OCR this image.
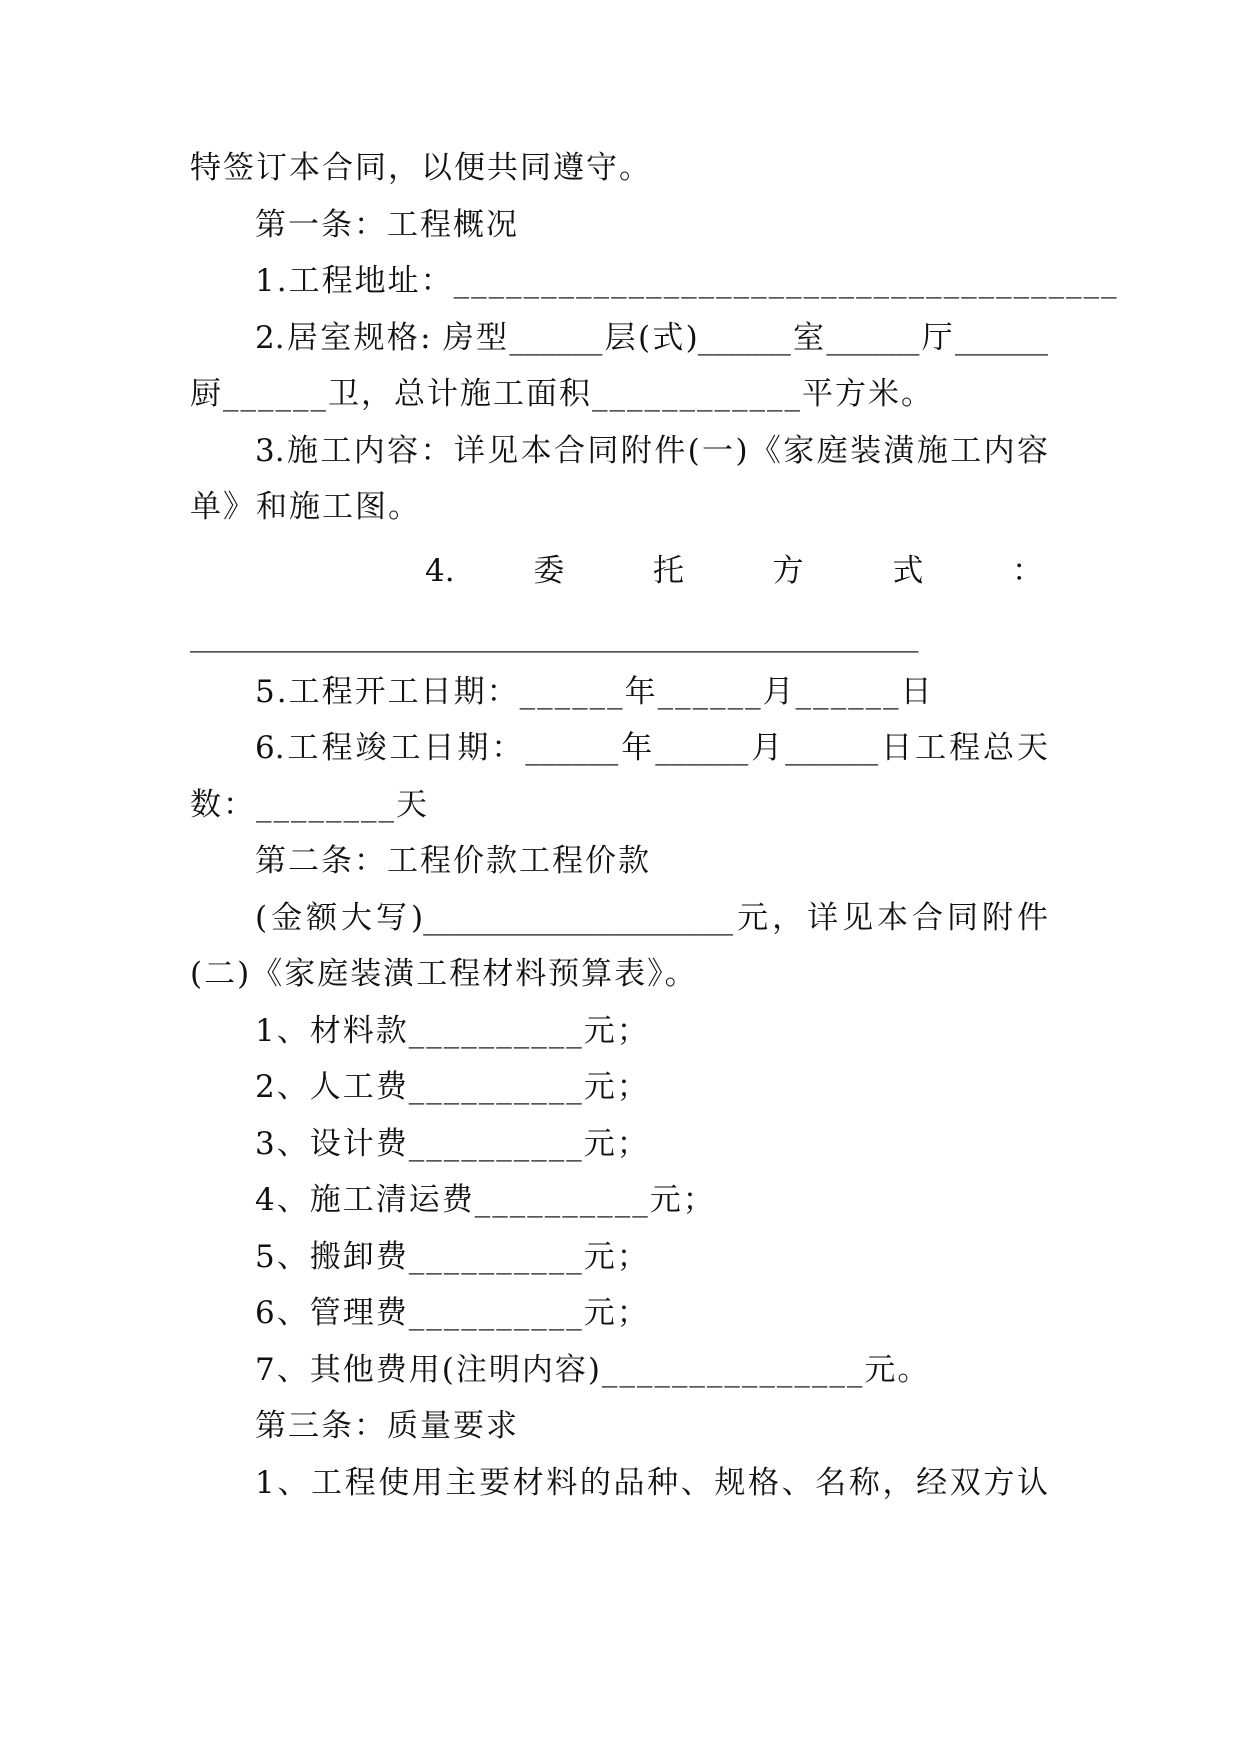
特签订本合同，以便共同遵守。
第一条：工程概况
1.工程地址：______________________________________
2.居室规格: 房型______层(式)______室______厅______
厨______卫，总计施工面积____________平方米。
3.施工内容：详见本合同附件(一)《家庭装潢施工内容
单》和施工图。
4.    委    托    方    式    ：
_______________________________________________
5.工程开工日期：______年______月______日
6.工程竣工日期：______年______月______日工程总天
数：________天
第二条：工程价款工程价款
(金额大写)____________________元，详见本合同附件
(二)《家庭装潢工程材料预算表》。
1、材料款__________元；
2、人工费__________元；
3、设计费__________元；
4、施工清运费__________元；
5、搬卸费__________元；
6、管理费__________元；
7、其他费用(注明内容)_______________元。
第三条：质量要求
1、工程使用主要材料的品种、规格、名称，经双方认
